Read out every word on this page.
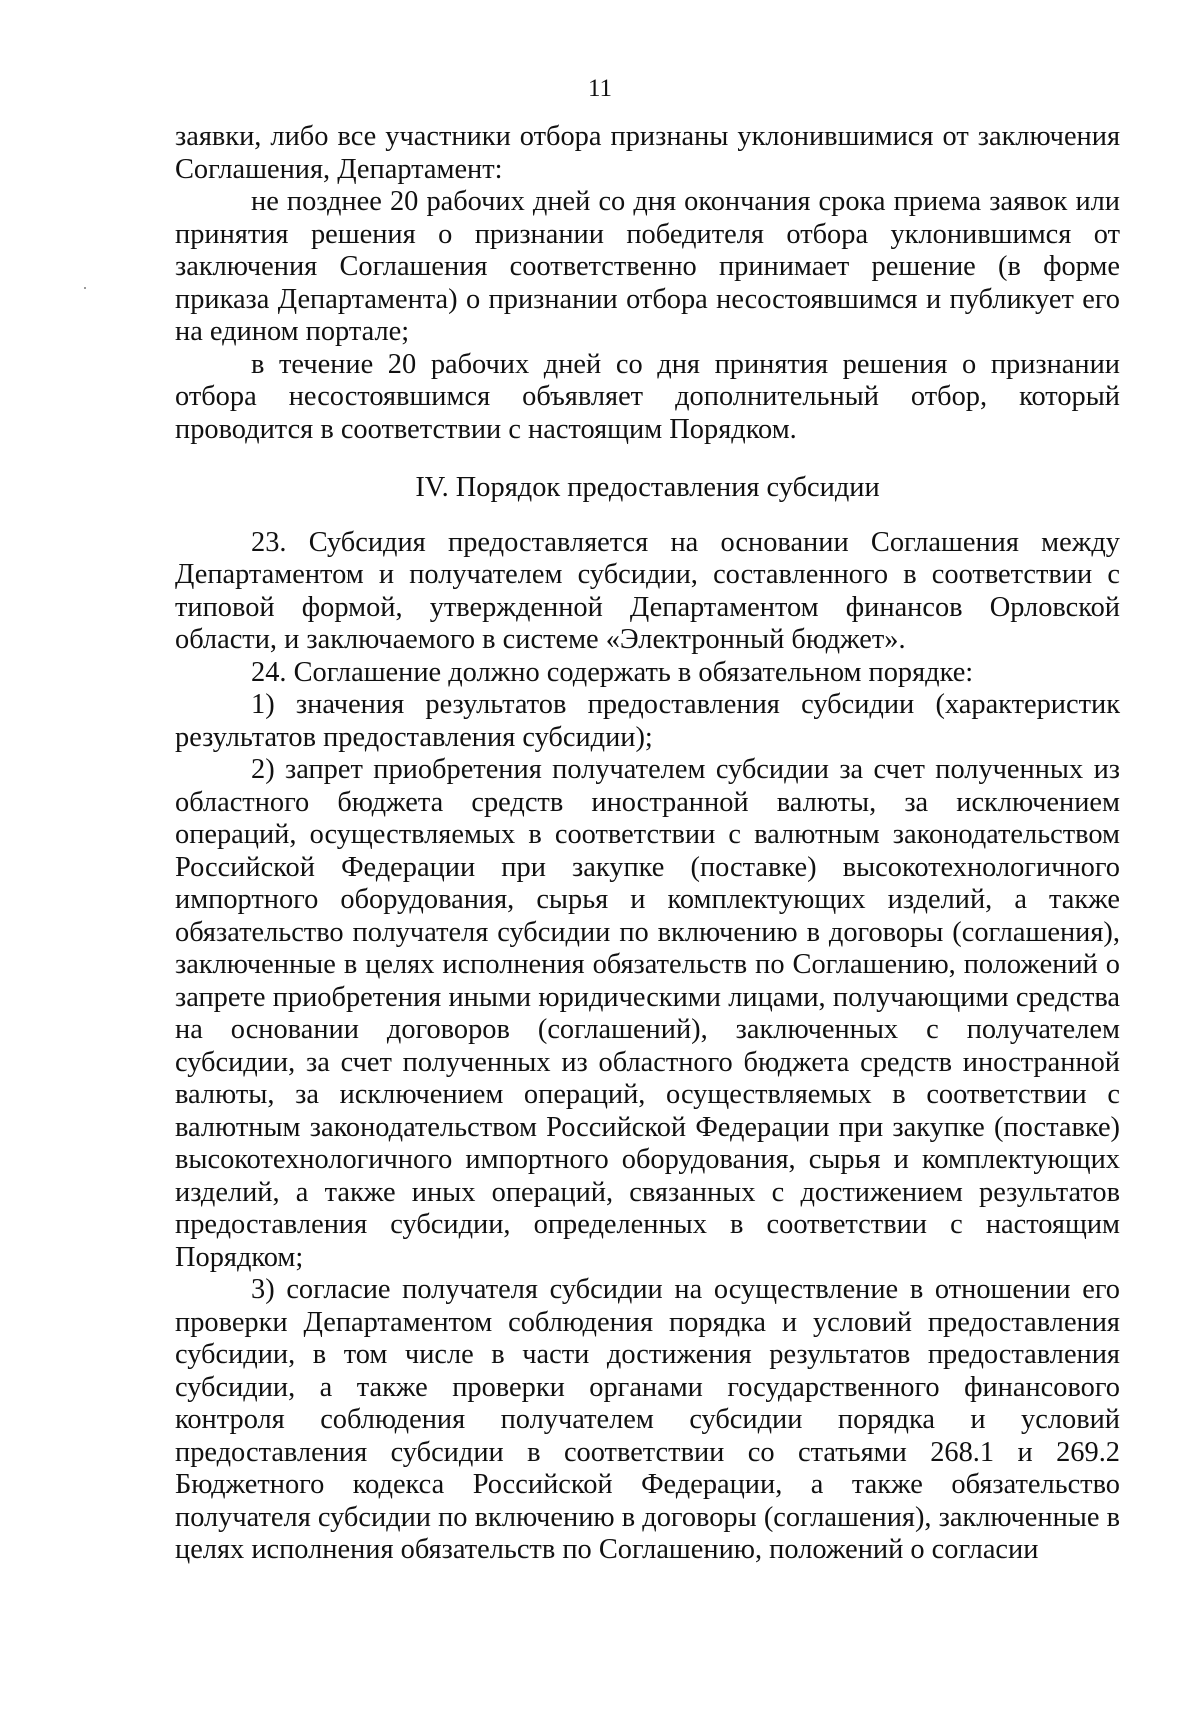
11

заявки, либо все участники отбора признаны уклонившимися от заключения Соглашения, Департамент:

не позднее 20 рабочих дней со дня окончания срока приема заявок или принятия решения о признании победителя отбора уклонившимся от заключения Соглашения соответственно принимает решение (в форме приказа Департамента) о признании отбора несостоявшимся и публикует его на едином портале;

в течение 20 рабочих дней со дня принятия решения о признании отбора несостоявшимся объявляет дополнительный отбор, который проводится в соответствии с настоящим Порядком.

IV. Порядок предоставления субсидии

23. Субсидия предоставляется на основании Соглашения между Департаментом и получателем субсидии, составленного в соответствии с типовой формой, утвержденной Департаментом финансов Орловской области, и заключаемого в системе «Электронный бюджет».

24. Соглашение должно содержать в обязательном порядке:

1) значения результатов предоставления субсидии (характеристик результатов предоставления субсидии);

2) запрет приобретения получателем субсидии за счет полученных из областного бюджета средств иностранной валюты, за исключением операций, осуществляемых в соответствии с валютным законодательством Российской Федерации при закупке (поставке) высокотехнологичного импортного оборудования, сырья и комплектующих изделий, а также обязательство получателя субсидии по включению в договоры (соглашения), заключенные в целях исполнения обязательств по Соглашению, положений о запрете приобретения иными юридическими лицами, получающими средства на основании договоров (соглашений), заключенных с получателем субсидии, за счет полученных из областного бюджета средств иностранной валюты, за исключением операций, осуществляемых в соответствии с валютным законодательством Российской Федерации при закупке (поставке) высокотехнологичного импортного оборудования, сырья и комплектующих изделий, а также иных операций, связанных с достижением результатов предоставления субсидии, определенных в соответствии с настоящим Порядком;

3) согласие получателя субсидии на осуществление в отношении его проверки Департаментом соблюдения порядка и условий предоставления субсидии, в том числе в части достижения результатов предоставления субсидии, а также проверки органами государственного финансового контроля соблюдения получателем субсидии порядка и условий предоставления субсидии в соответствии со статьями 268.1 и 269.2 Бюджетного кодекса Российской Федерации, а также обязательство получателя субсидии по включению в договоры (соглашения), заключенные в целях исполнения обязательств по Соглашению, положений о согласии
